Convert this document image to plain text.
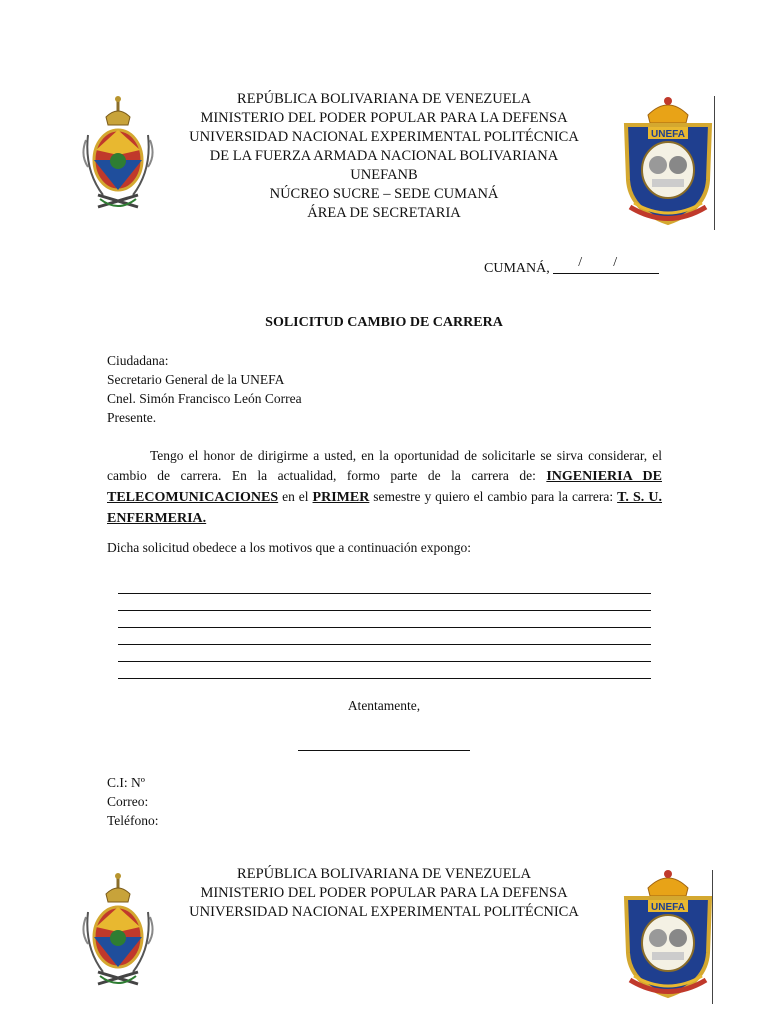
UNEFA
REPÚBLICA BOLIVARIANA DE VENEZUELA
MINISTERIO DEL PODER POPULAR PARA LA DEFENSA
UNIVERSIDAD NACIONAL EXPERIMENTAL POLITÉCNICA
DE LA FUERZA ARMADA NACIONAL BOLIVARIANA
UNEFANB
NÚCREO SUCRE – SEDE CUMANÁ
ÁREA DE SECRETARIA
CUMANÁ, / /
SOLICITUD CAMBIO DE CARRERA
Ciudadana:
Secretario General de la UNEFA
Cnel. Simón Francisco León Correa
Presente.
Tengo el honor de dirigirme a usted, en la oportunidad de solicitarle se sirva considerar, el cambio de carrera. En la actualidad, formo parte de la carrera de: INGENIERIA DE TELECOMUNICACIONES en el PRIMER semestre y quiero el cambio para la carrera: T. S. U. ENFERMERIA.
Dicha solicitud obedece a los motivos que a continuación expongo:
Atentamente,
C.I: Nº
Correo:
Teléfono:
UNEFA
REPÚBLICA BOLIVARIANA DE VENEZUELA
MINISTERIO DEL PODER POPULAR PARA LA DEFENSA
UNIVERSIDAD NACIONAL EXPERIMENTAL POLITÉCNICA
